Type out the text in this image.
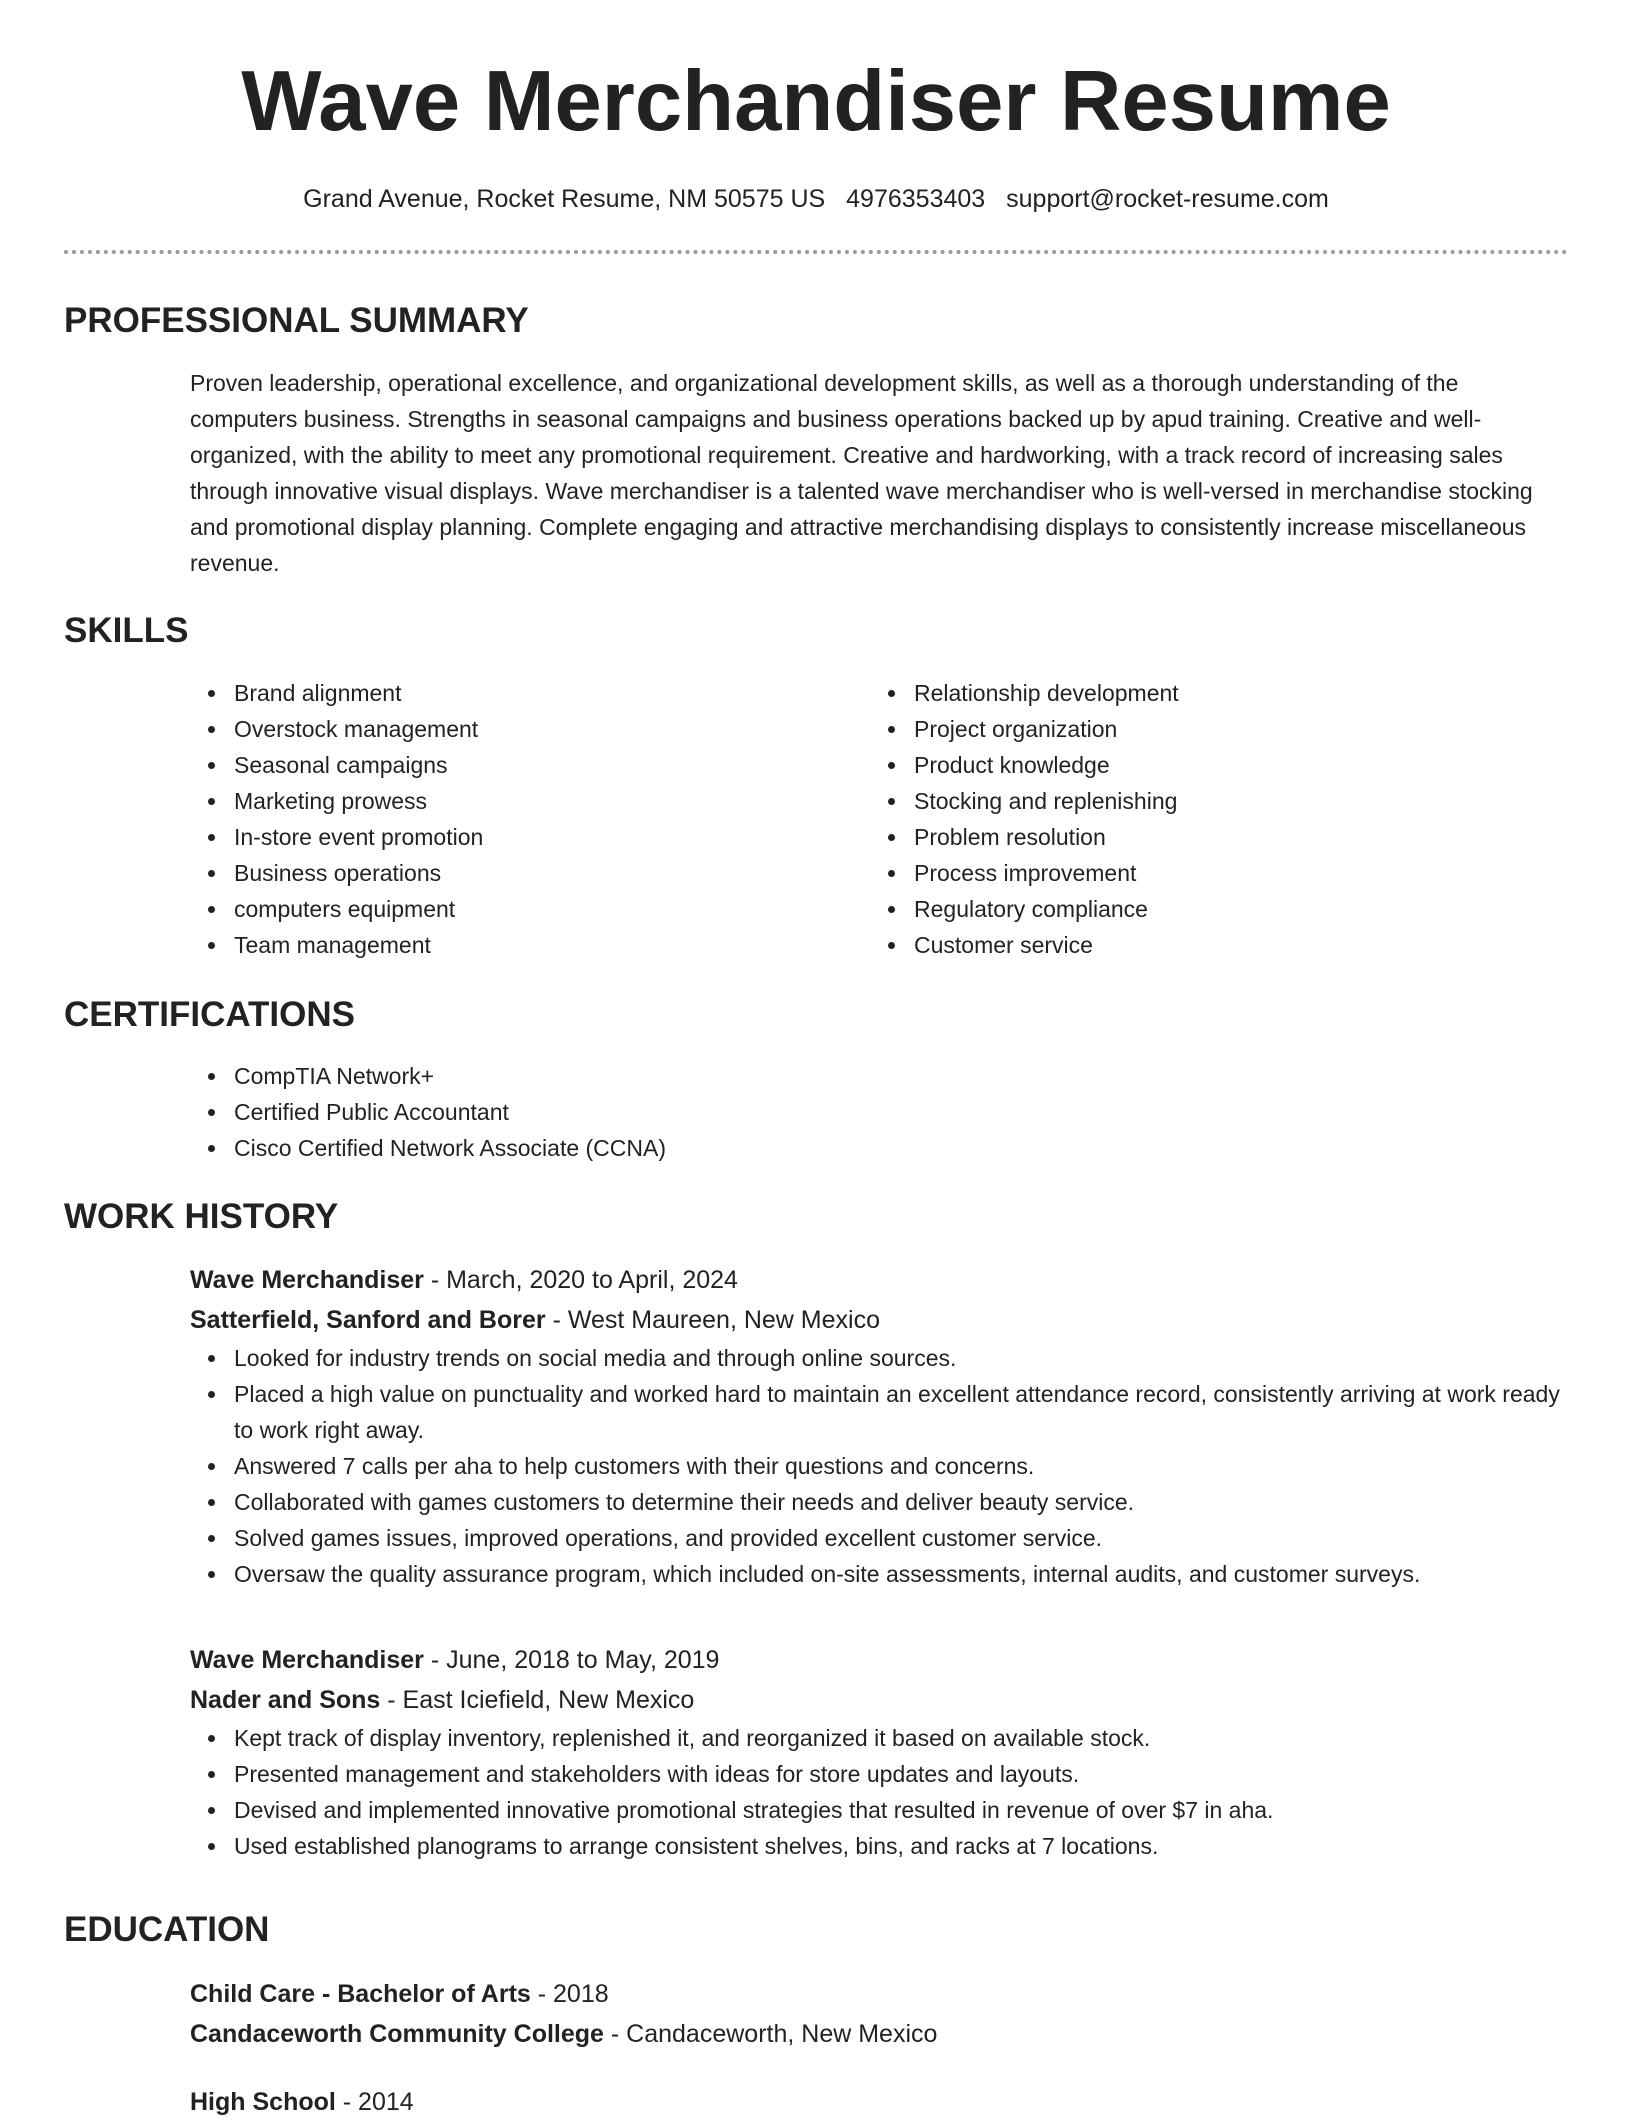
Wave Merchandiser Resume
Grand Avenue, Rocket Resume, NM 50575 US 4976353403 support@rocket-resume.com
PROFESSIONAL SUMMARY

Proven leadership, operational excellence, and organizational development skills, as well as a thorough understanding of the computers business. Strengths in seasonal campaigns and business operations backed up by apud training. Creative and well-organized, with the ability to meet any promotional requirement. Creative and hardworking, with a track record of increasing sales through innovative visual displays. Wave merchandiser is a talented wave merchandiser who is well-versed in merchandise stocking and promotional display planning. Complete engaging and attractive merchandising displays to consistently increase miscellaneous revenue.

SKILLS
Brand alignment
Overstock management
Seasonal campaigns
Marketing prowess
In-store event promotion
Business operations
computers equipment
Team management
Relationship development
Project organization
Product knowledge
Stocking and replenishing
Problem resolution
Process improvement
Regulatory compliance
Customer service
CERTIFICATIONS
CompTIA Network+
Certified Public Accountant
Cisco Certified Network Associate (CCNA)
WORK HISTORY
Wave Merchandiser - March, 2020 to April, 2024
Satterfield, Sanford and Borer - West Maureen, New Mexico
Looked for industry trends on social media and through online sources.
Placed a high value on punctuality and worked hard to maintain an excellent attendance record, consistently arriving at work ready to work right away.
Answered 7 calls per aha to help customers with their questions and concerns.
Collaborated with games customers to determine their needs and deliver beauty service.
Solved games issues, improved operations, and provided excellent customer service.
Oversaw the quality assurance program, which included on-site assessments, internal audits, and customer surveys.
Wave Merchandiser - June, 2018 to May, 2019
Nader and Sons - East Iciefield, New Mexico
Kept track of display inventory, replenished it, and reorganized it based on available stock.
Presented management and stakeholders with ideas for store updates and layouts.
Devised and implemented innovative promotional strategies that resulted in revenue of over $7 in aha.
Used established planograms to arrange consistent shelves, bins, and racks at 7 locations.
EDUCATION
Child Care - Bachelor of Arts - 2018
Candaceworth Community College - Candaceworth, New Mexico
High School - 2014
